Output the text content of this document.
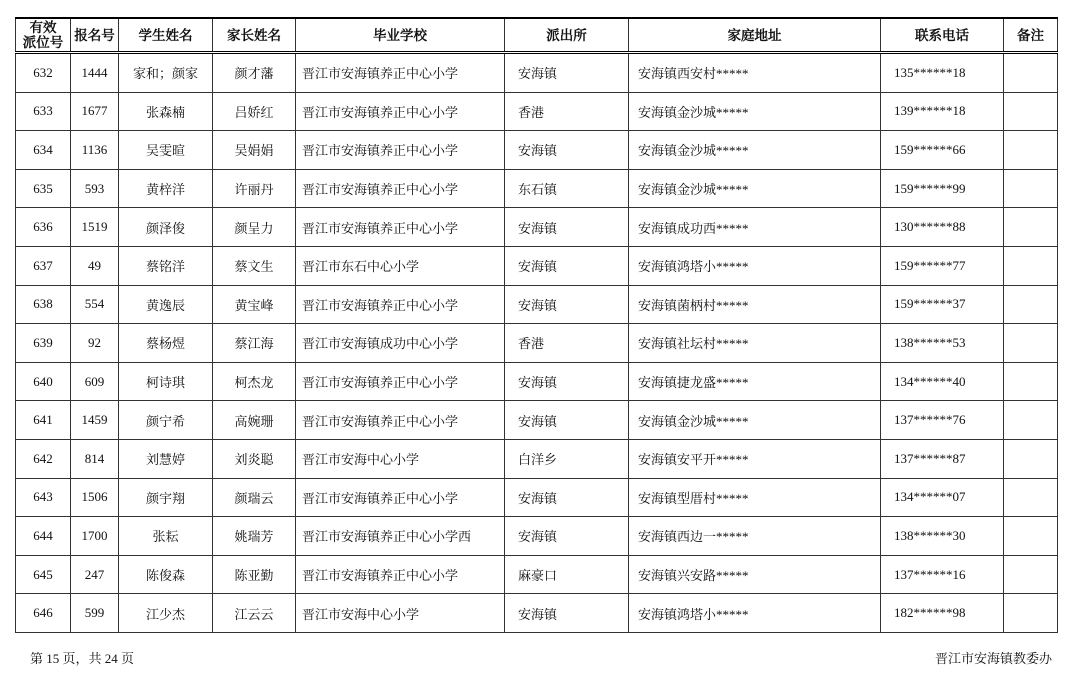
有效
派位号	报名号	学生姓名	家长姓名	毕业学校	派出所	家庭地址	联系电话	备注
632	1444	家和；颜家	颜才藩	晋江市安海镇养正中心小学	安海镇	安海镇西安村*****	135******18	
633	1677	张森楠	吕娇红	晋江市安海镇养正中心小学	香港	安海镇金沙城*****	139******18	
634	1136	吴雯暄	吴娟娟	晋江市安海镇养正中心小学	安海镇	安海镇金沙城*****	159******66	
635	593	黄梓洋	许丽丹	晋江市安海镇养正中心小学	东石镇	安海镇金沙城*****	159******99	
636	1519	颜泽俊	颜呈力	晋江市安海镇养正中心小学	安海镇	安海镇成功西*****	130******88	
637	49	蔡铭洋	蔡文生	晋江市东石中心小学	安海镇	安海镇鸿塔小*****	159******77	
638	554	黄逸辰	黄宝峰	晋江市安海镇养正中心小学	安海镇	安海镇菌柄村*****	159******37	
639	92	蔡杨煜	蔡江海	晋江市安海镇成功中心小学	香港	安海镇社坛村*****	138******53	
640	609	柯诗琪	柯杰龙	晋江市安海镇养正中心小学	安海镇	安海镇捷龙盛*****	134******40	
641	1459	颜宁希	高婉珊	晋江市安海镇养正中心小学	安海镇	安海镇金沙城*****	137******76	
642	814	刘慧婷	刘炎聪	晋江市安海中心小学	白洋乡	安海镇安平开*****	137******87	
643	1506	颜宇翔	颜瑞云	晋江市安海镇养正中心小学	安海镇	安海镇型厝村*****	134******07	
644	1700	张耘	姚瑞芳	晋江市安海镇养正中心小学西	安海镇	安海镇西边一*****	138******30	
645	247	陈俊森	陈亚勤	晋江市安海镇养正中心小学	麻豪口	安海镇兴安路*****	137******16	
646	599	江少杰	江云云	晋江市安海中心小学	安海镇	安海镇鸿塔小*****	182******98	
第 15 页，共 24 页	晋江市安海镇教委办
